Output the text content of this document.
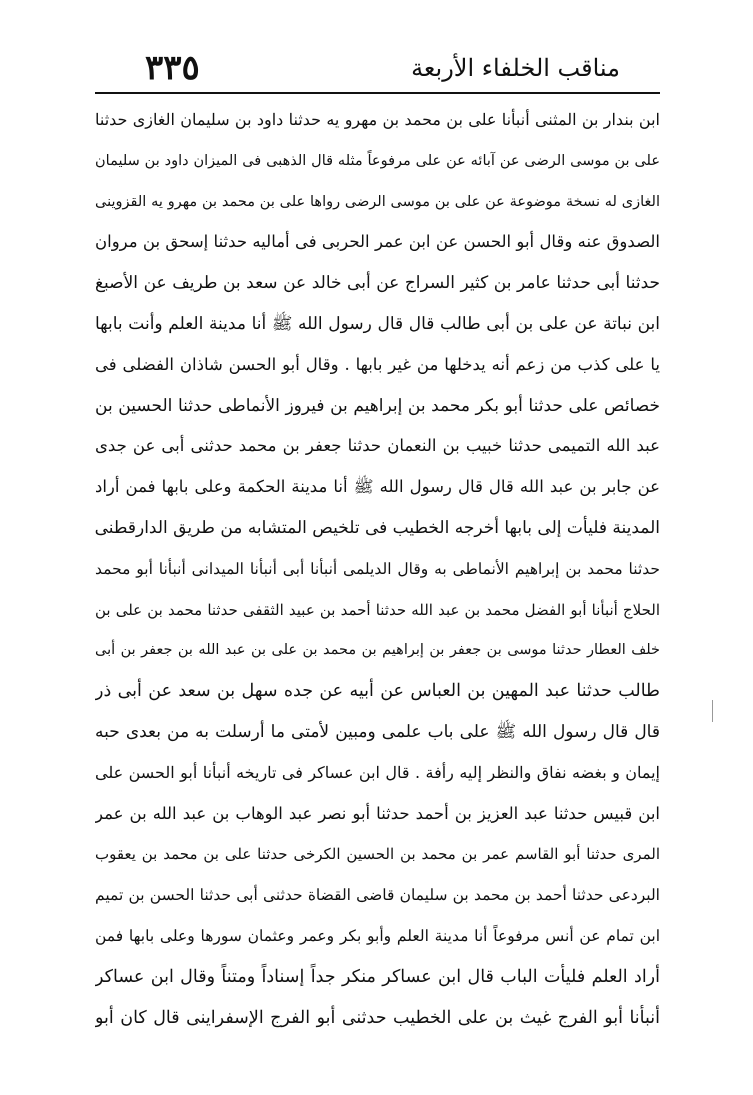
مناقب الخلفاء الأربعة
٣٣٥
ابن بندار بن المثنى أنبأنا على بن محمد بن مهرو يه حدثنا داود بن سليمان الغازى حدثنا
على بن موسى الرضى عن آبائه عن على مرفوعاً مثله قال الذهبى فى الميزان داود بن سليمان
الغازى له نسخة موضوعة عن على بن موسى الرضى رواها على بن محمد بن مهرو يه القزوينى
الصدوق عنه وقال أبو الحسن عن ابن عمر الحربى فى أماليه حدثنا إسحق بن مروان
حدثنا أبى حدثنا عامر بن كثير السراج عن أبى خالد عن سعد بن طريف عن الأصبغ
ابن نباتة عن على بن أبى طالب قال قال رسول الله ﷺ أنا مدينة العلم وأنت بابها
يا على كذب من زعم أنه يدخلها من غير بابها . وقال أبو الحسن شاذان الفضلى فى
خصائص على حدثنا أبو بكر محمد بن إبراهيم بن فيروز الأنماطى حدثنا الحسين بن
عبد الله التميمى حدثنا خبيب بن النعمان حدثنا جعفر بن محمد حدثنى أبى عن جدى
عن جابر بن عبد الله قال قال رسول الله ﷺ أنا مدينة الحكمة وعلى بابها فمن أراد
المدينة فليأت إلى بابها أخرجه الخطيب فى تلخيص المتشابه من طريق الدارقطنى
حدثنا محمد بن إبراهيم الأنماطى به وقال الديلمى أنبأنا أبى أنبأنا الميدانى أنبأنا أبو محمد
الحلاج أنبأنا أبو الفضل محمد بن عبد الله حدثنا أحمد بن عبيد الثقفى حدثنا محمد بن على بن
خلف العطار حدثنا موسى بن جعفر بن إبراهيم بن محمد بن على بن عبد الله بن جعفر بن أبى
طالب حدثنا عبد المهين بن العباس عن أبيه عن جده سهل بن سعد عن أبى ذر
قال قال رسول الله ﷺ على باب علمى ومبين لأمتى ما أرسلت به من بعدى حبه
إيمان و بغضه نفاق والنظر إليه رأفة . قال ابن عساكر فى تاريخه أنبأنا أبو الحسن على
ابن قبيس حدثنا عبد العزيز بن أحمد حدثنا أبو نصر عبد الوهاب بن عبد الله بن عمر
المرى حدثنا أبو القاسم عمر بن محمد بن الحسين الكرخى حدثنا على بن محمد بن يعقوب
البردعى حدثنا أحمد بن محمد بن سليمان قاضى القضاة حدثنى أبى حدثنا الحسن بن تميم
ابن تمام عن أنس مرفوعاً أنا مدينة العلم وأبو بكر وعمر وعثمان سورها وعلى بابها فمن
أراد العلم فليأت الباب قال ابن عساكر منكر جداً إسناداً ومتناً وقال ابن عساكر
أنبأنا أبو الفرج غيث بن على الخطيب حدثنى أبو الفرج الإسفراينى قال كان أبو
